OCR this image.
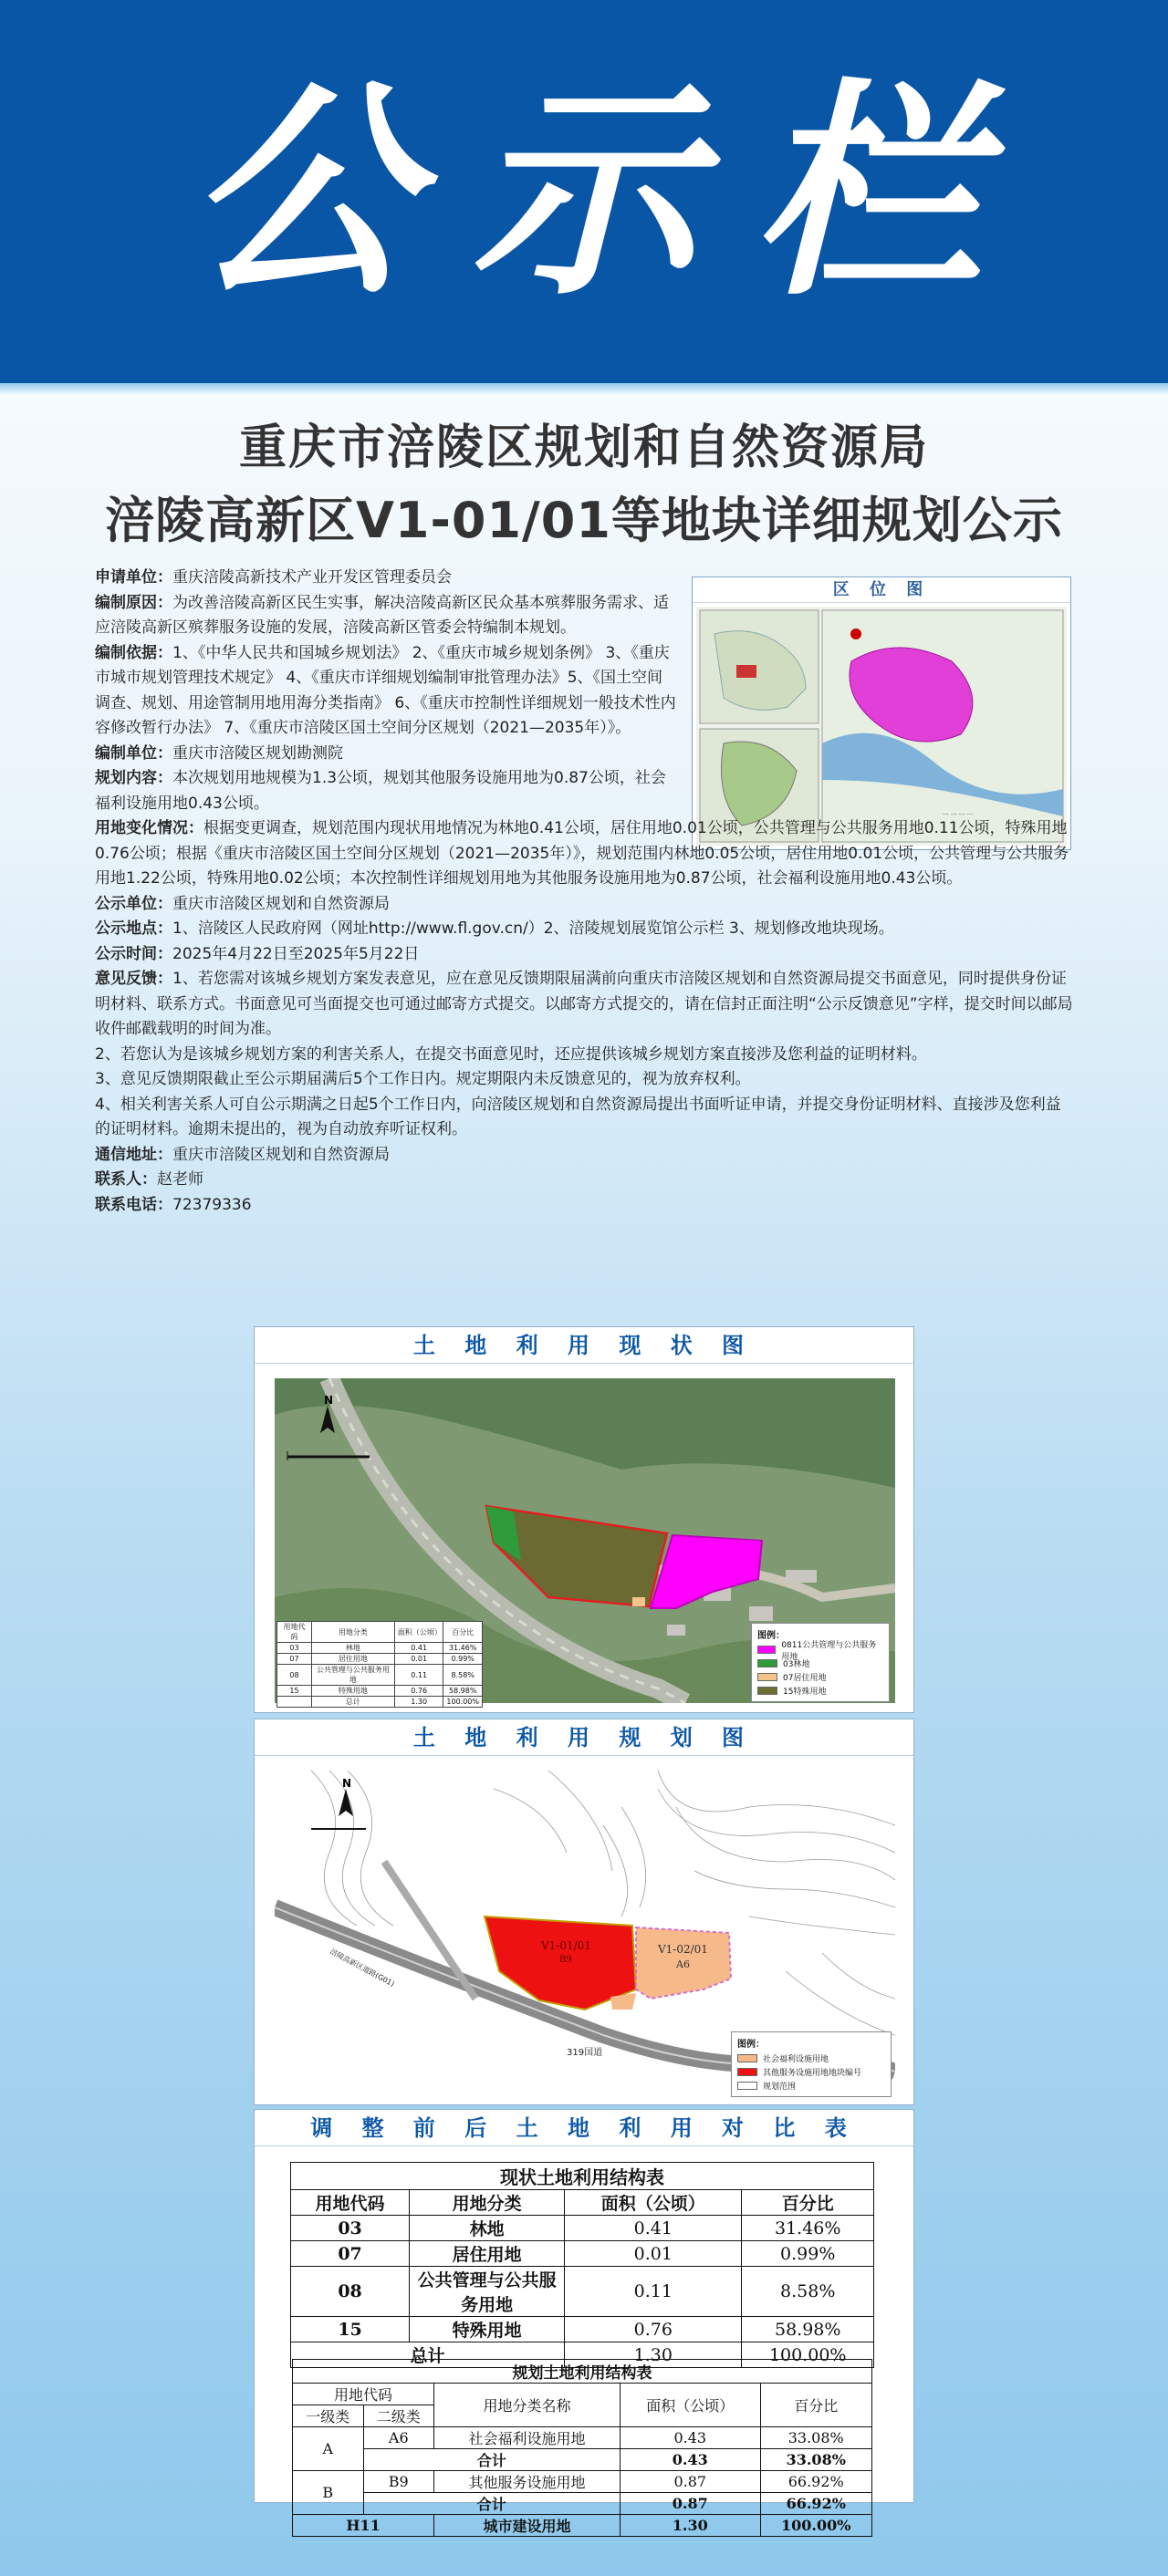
公示栏
重庆市涪陵区规划和自然资源局
涪陵高新区V1-01/01等地块详细规划公示
区 位 图
··· ··· ··· ···

申请单位：重庆涪陵高新技术产业开发区管理委员会

编制原因：为改善涪陵高新区民生实事，解决涪陵高新区民众基本殡葬服务需求、适应涪陵高新区殡葬服务设施的发展，涪陵高新区管委会特编制本规划。

编制依据：1、《中华人民共和国城乡规划法》 2、《重庆市城乡规划条例》 3、《重庆市城市规划管理技术规定》 4、《重庆市详细规划编制审批管理办法》5、《国土空间调查、规划、用途管制用地用海分类指南》 6、《重庆市控制性详细规划一般技术性内容修改暂行办法》 7、《重庆市涪陵区国土空间分区规划（2021—2035年）》。

编制单位：重庆市涪陵区规划勘测院

规划内容：本次规划用地规模为1.3公顷，规划其他服务设施用地为0.87公顷，社会福利设施用地0.43公顷。

用地变化情况：根据变更调查，规划范围内现状用地情况为林地0.41公顷，居住用地0.01公顷，公共管理与公共服务用地0.11公顷，特殊用地0.76公顷；根据《重庆市涪陵区国土空间分区规划（2021—2035年）》，规划范围内林地0.05公顷，居住用地0.01公顷，公共管理与公共服务用地1.22公顷，特殊用地0.02公顷；本次控制性详细规划用地为其他服务设施用地为0.87公顷，社会福利设施用地0.43公顷。

公示单位：重庆市涪陵区规划和自然资源局

公示地点：1、涪陵区人民政府网（网址http://www.fl.gov.cn/）2、涪陵规划展览馆公示栏 3、规划修改地块现场。

公示时间：2025年4月22日至2025年5月22日

意见反馈：1、若您需对该城乡规划方案发表意见，应在意见反馈期限届满前向重庆市涪陵区规划和自然资源局提交书面意见，同时提供身份证明材料、联系方式。书面意见可当面提交也可通过邮寄方式提交。以邮寄方式提交的，请在信封正面注明“公示反馈意见”字样，提交时间以邮局收件邮戳载明的时间为准。

2、若您认为是该城乡规划方案的利害关系人，在提交书面意见时，还应提供该城乡规划方案直接涉及您利益的证明材料。

3、意见反馈期限截止至公示期届满后5个工作日内。规定期限内未反馈意见的，视为放弃权利。

4、相关利害关系人可自公示期满之日起5个工作日内，向涪陵区规划和自然资源局提出书面听证申请，并提交身份证明材料、直接涉及您利益的证明材料。逾期未提出的，视为自动放弃听证权利。

通信地址：重庆市涪陵区规划和自然资源局

联系人：赵老师

联系电话：72379336

土 地 利 用 现 状 图
N
用地代码	用地分类	面积（公顷）	百分比
03	林地	0.41	31.46%
07	居住用地	0.01	0.99%
08	公共管理与公共服务用地	0.11	8.58%
15	特殊用地	0.76	58.98%
	总计	1.30	100.00%
图例：
0811公共管理与公共服务用地
03林地
07居住用地
15特殊用地
土 地 利 用 规 划 图
V1-01/01
B9
V1-02/01
A6
319国道
涪陵高新区道路(G01)
N
图例：
社会福利设施用地
其他服务设施用地地块编号
规划范围
调 整 前 后 土 地 利 用 对 比 表
现状土地利用结构表			
用地代码	用地分类	面积（公顷）	百分比
03	林地	0.41	31.46%
07	居住用地	0.01	0.99%
08	公共管理与公共服务用地	0.11	8.58%
15	特殊用地	0.76	58.98%
总计		1.30	100.00%
规划土地利用结构表				
用地代码		用地分类名称	面积（公顷）	百分比
一级类	二级类			
A	A6	社会福利设施用地	0.43	33.08%
	合计		0.43	33.08%
B	B9	其他服务设施用地	0.87	66.92%
	合计		0.87	66.92%
H11		城市建设用地	1.30	100.00%
